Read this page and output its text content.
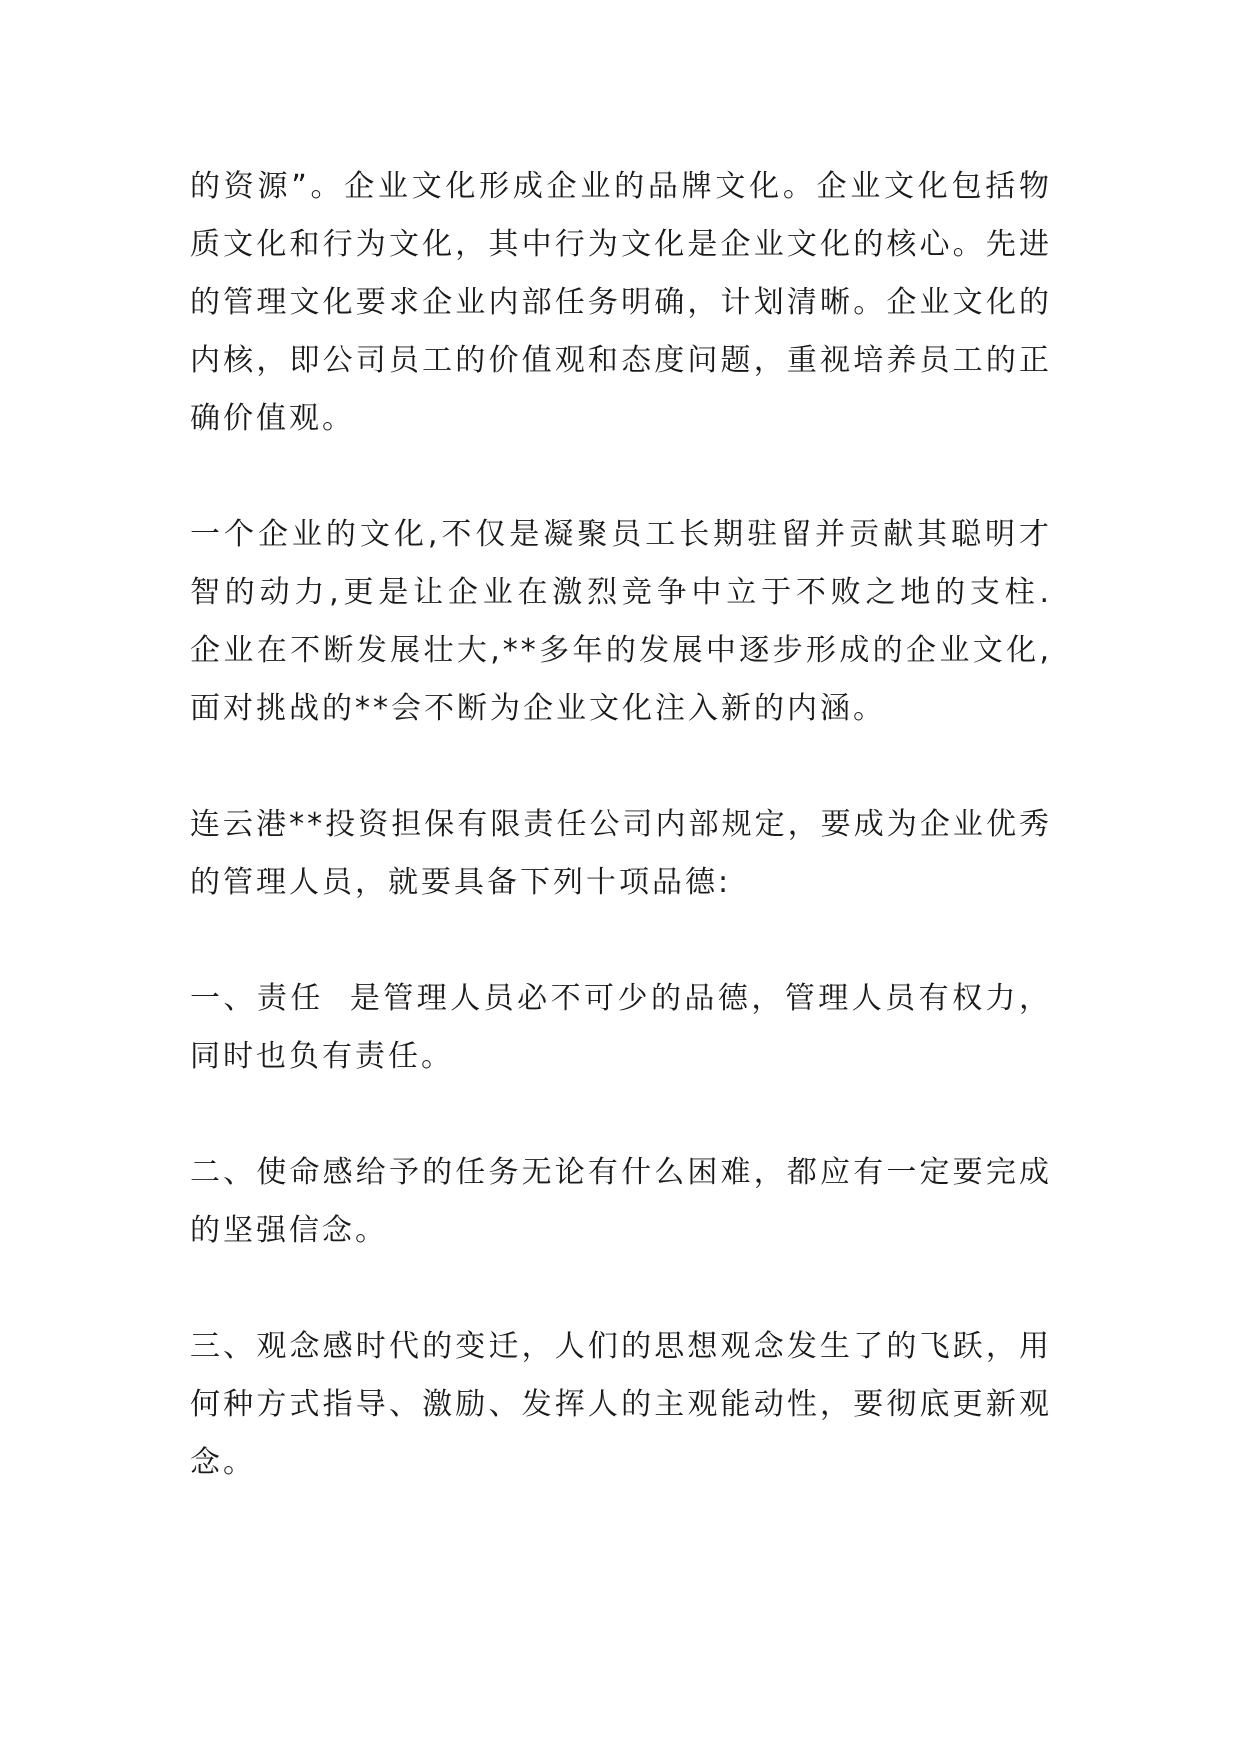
的资源”。企业文化形成企业的品牌文化。企业文化包括物
质文化和行为文化，其中行为文化是企业文化的核心。先进
的管理文化要求企业内部任务明确，计划清晰。企业文化的
内核，即公司员工的价值观和态度问题，重视培养员工的正
确价值观。

一个企业的文化,不仅是凝聚员工长期驻留并贡献其聪明才
智的动力,更是让企业在激烈竞争中立于不败之地的支柱.
企业在不断发展壮大,**多年的发展中逐步形成的企业文化,
面对挑战的**会不断为企业文化注入新的内涵。

连云港**投资担保有限责任公司内部规定，要成为企业优秀
的管理人员，就要具备下列十项品德:

一、责任  是管理人员必不可少的品德，管理人员有权力，
同时也负有责任。

二、使命感给予的任务无论有什么困难，都应有一定要完成
的坚强信念。

三、观念感时代的变迁，人们的思想观念发生了的飞跃，用
何种方式指导、激励、发挥人的主观能动性，要彻底更新观
念。
